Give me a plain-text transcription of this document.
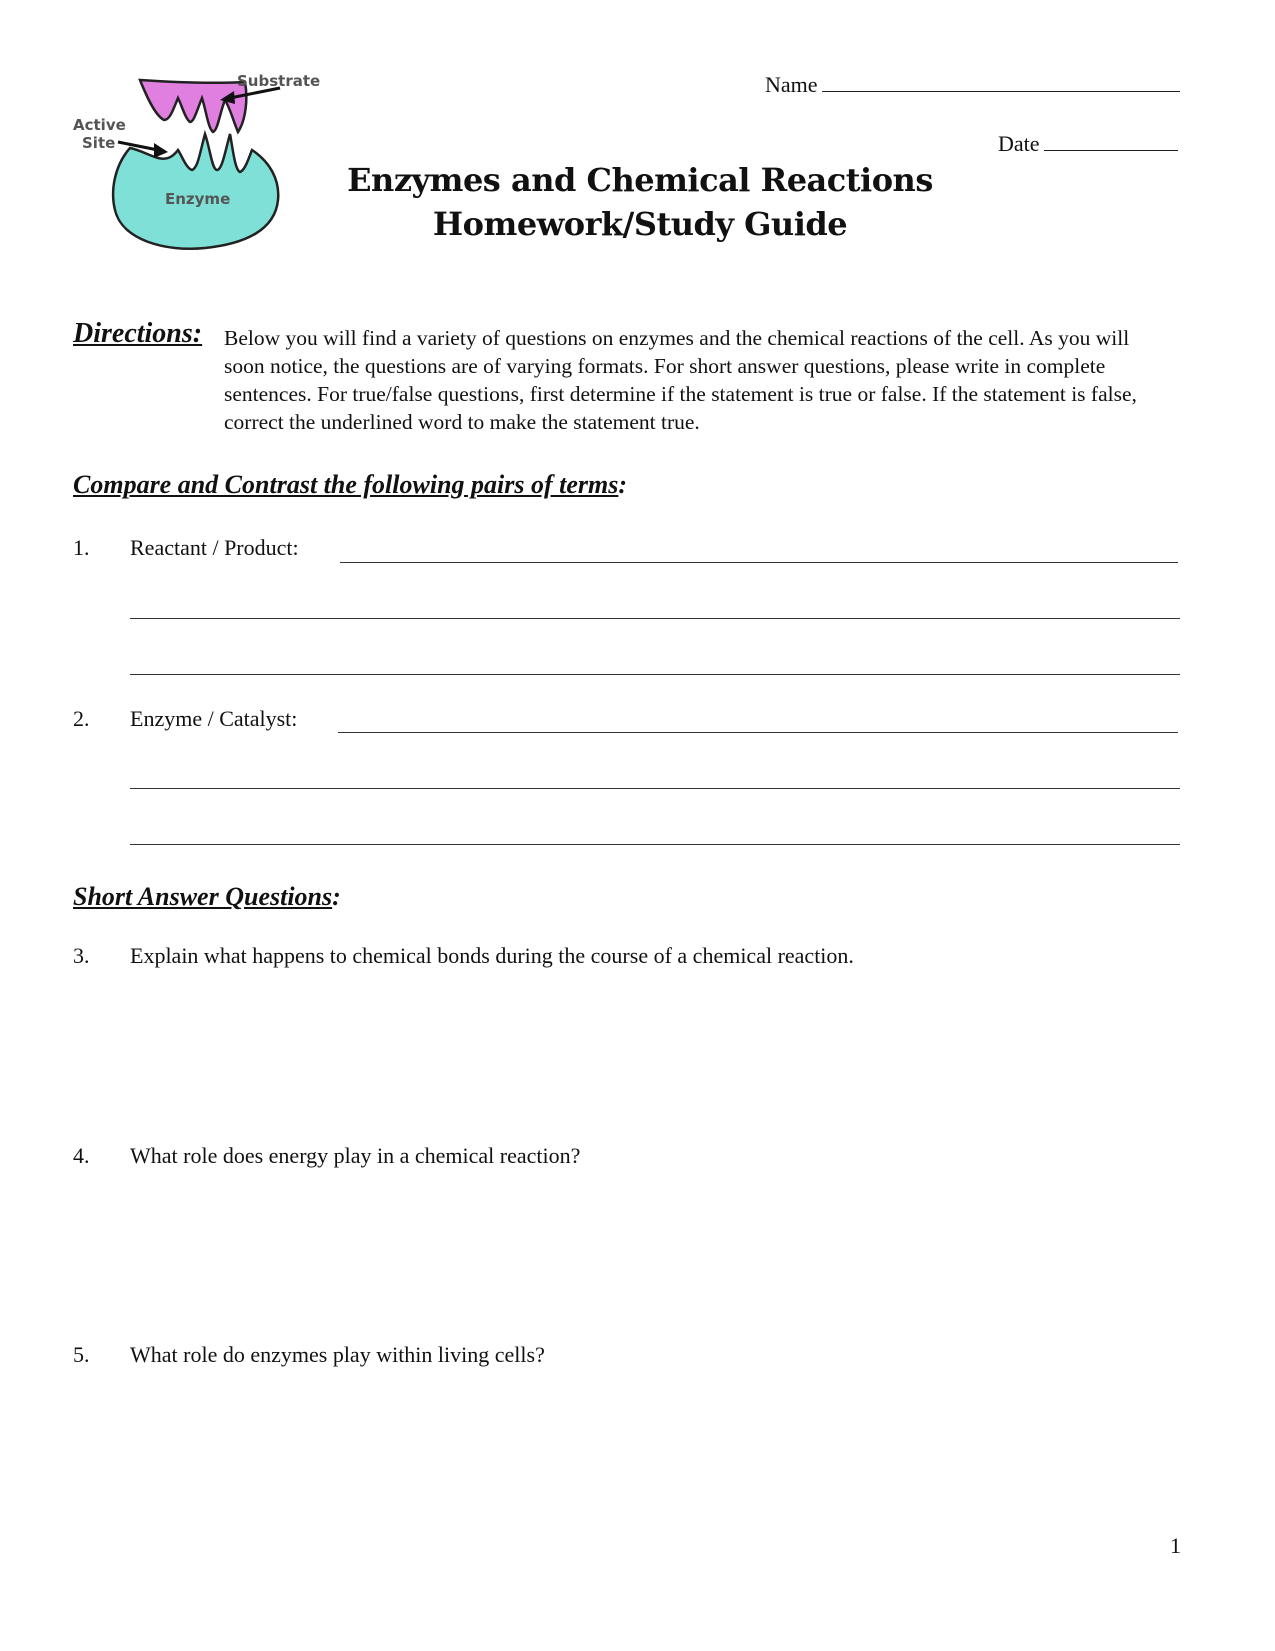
Substrate
Active
Site
Enzyme
Name
Date
Enzymes and Chemical Reactions
Homework/Study Guide
Directions: Below you will find a variety of questions on enzymes and the chemical reactions of the cell. As you will soon notice, the questions are of varying formats. For short answer questions, please write in complete sentences. For true/false questions, first determine if the statement is true or false. If the statement is false, correct the underlined word to make the statement true.
Compare and Contrast the following pairs of terms:
1. Reactant / Product:
2. Enzyme / Catalyst:
Short Answer Questions:
3. Explain what happens to chemical bonds during the course of a chemical reaction.
4. What role does energy play in a chemical reaction?
5. What role do enzymes play within living cells?
1
